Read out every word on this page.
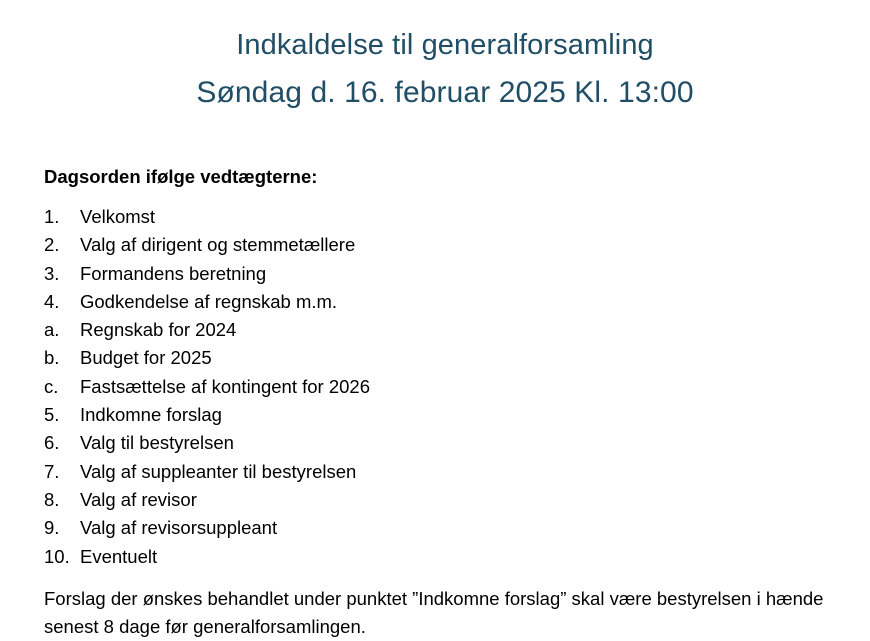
Indkaldelse til generalforsamling
Søndag d. 16. februar 2025 Kl. 13:00
Dagsorden ifølge vedtægterne:
1.	Velkomst
2.	Valg af dirigent og stemmetællere
3.	Formandens beretning
4.	Godkendelse af regnskab m.m.
a.	Regnskab for 2024
b.	Budget for 2025
c.	Fastsættelse af kontingent for 2026
5.	Indkomne forslag
6.	Valg til bestyrelsen
7.	Valg af suppleanter til bestyrelsen
8.	Valg af revisor
9.	Valg af revisorsuppleant
10. Eventuelt

Forslag der ønskes behandlet under punktet ”Indkomne forslag” skal være bestyrelsen i hænde senest 8 dage før generalforsamlingen.
